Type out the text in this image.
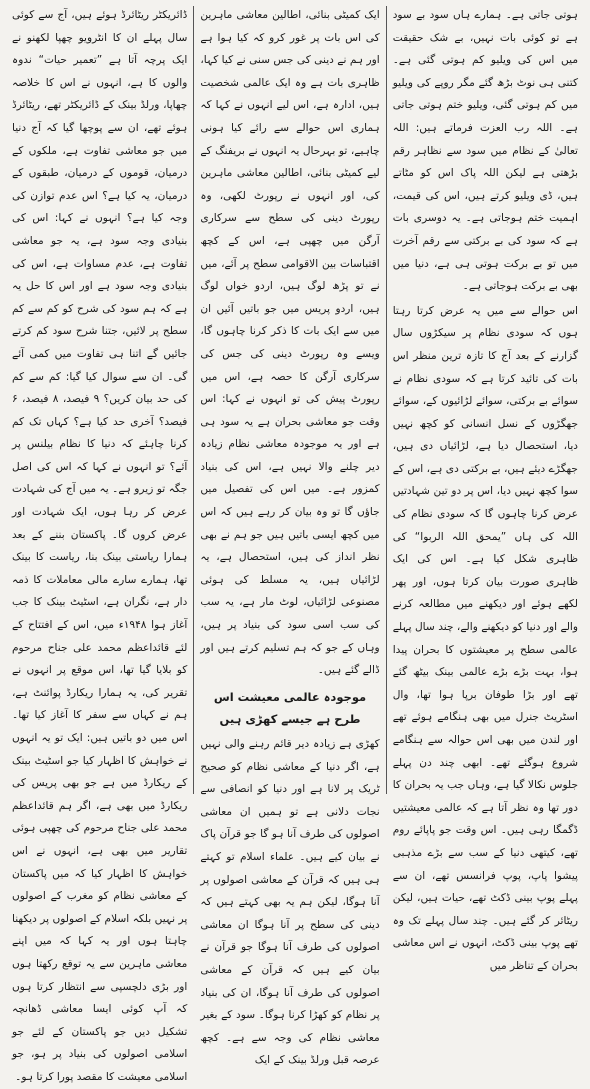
ہوتی جاتی ہے۔ ہمارے ہاں سود بے سود ہے تو کوئی بات نہیں، بے شک حقیقت میں اس کی ویلیو کم ہوتی گئی ہے۔ کتنی ہی نوٹ بڑھ گئے مگر روپے کی ویلیو میں کم ہوتی گئی، ویلیو ختم ہوتی جاتی ہے۔ اللہ رب العزت فرماتے ہیں: اللہ تعالیٰ کے نظام میں سود سے نظاہر رقم بڑھتی ہے لیکن اللہ پاک اس کو مٹاتے ہیں، ڈی ویلیو کرتے ہیں، اس کی قیمت، اہمیت ختم ہوجاتی ہے۔ یہ دوسری بات ہے کہ سود کی بے برکتی سے رقم آخرت میں تو بے برکت ہوتی ہی ہے، دنیا میں بھی بے برکت ہوجاتی ہے۔

اس حوالے سے میں یہ عرض کرتا رہتا ہوں کہ سودی نظام پر سیکڑوں سال گزارنے کے بعد آج کا تازہ ترین منظر اس بات کی تائید کرتا ہے کہ سودی نظام نے سوائے بے برکتی، سوائے لڑائیوں کے، سوائے جھگڑوں کے نسل انسانی کو کچھ نہیں دیا، استحصال دیا ہے، لڑائیاں دی ہیں، جھگڑے دیئے ہیں، بے برکتی دی ہے، اس کے سوا کچھ نہیں دیا، اس پر دو تین شہادتیں عرض کرنا چاہوں گا کہ سودی نظام کی اللہ کی ہاں ”یمحق اللہ الربوا“ کی ظاہری شکل کیا ہے۔ اس کی ایک ظاہری صورت بیان کرتا ہوں، اور پھر لکھے ہوئے اور دیکھنے میں مطالعہ کرنے والے اور دنیا کو دیکھنے والے، چند سال پہلے عالمی سطح پر معیشتوں کا بحران پیدا ہوا، بہت بڑے بڑے عالمی بینک بیٹھ گئے تھے اور بڑا طوفان برپا ہوا تھا، وال اسٹریٹ جنرل میں بھی ہنگامے ہوئے تھے اور لندن میں بھی اس حوالہ سے ہنگامے شروع ہوگئے تھے۔ ابھی چند دن پہلے جلوس نکالا گیا ہے، وہاں جب یہ بحران کا دور تھا وہ نظر آتا ہے کہ عالمی معیشتیں ڈگمگا رہی ہیں۔ اس وقت جو پاپائے روم تھے، کیتھی دنیا کے سب سے بڑے مذہبی پیشوا پاپ، پوپ فرانسس تھے، ان سے پہلے پوپ بینی ڈکٹ تھے، حیات ہیں، لیکن ریٹائر کر گئے ہیں۔ چند سال پہلے تک وہ تھے پوپ بینی ڈکٹ، انہوں نے اس معاشی بحران کے تناظر میں

ایک کمیٹی بنائی، اطالین معاشی ماہرین کی اس بات پر غور کرو کہ کیا ہوا ہے اور ہم نے دینی کی جس سنی نے کیا کہا، ظاہری بات ہے وہ ایک عالمی شخصیت ہیں، ادارہ ہے، اس لیے انہوں نے کہا کہ ہماری اس حوالے سے رائے کیا ہونی چاہیے، تو بہرحال یہ انہوں نے بریفنگ کے لیے کمیٹی بنائی، اطالین معاشی ماہرین کی، اور انہوں نے رپورٹ لکھی، وہ رپورٹ دینی کی سطح سے سرکاری آرگن میں چھپی ہے، اس کے کچھ اقتباسات بین الاقوامی سطح پر آئے، میں نے تو پڑھ لوگ ہیں، اردو خواں لوگ ہیں، اردو پریس میں جو باتیں آئیں ان میں سے ایک بات کا ذکر کرنا چاہوں گا، ویسے وہ رپورٹ دینی کی جس کی سرکاری آرگن کا حصہ ہے، اس میں رپورٹ پیش کی تو انہوں نے کہا: اس وقت جو معاشی بحران ہے یہ سود ہی ہے اور یہ موجودہ معاشی نظام زیادہ دیر چلنے والا نہیں ہے، اس کی بنیاد کمزور ہے۔ میں اس کی تفصیل میں جاؤں گا تو وہ بیان کر رہے ہیں کہ اس میں کچھ ایسی باتیں ہیں جو ہم نے بھی نظر انداز کی ہیں، استحصال ہے، یہ لڑائیاں ہیں، یہ مسلط کی ہوئی مصنوعی لڑائیاں، لوٹ مار ہے، یہ سب کی سب اسی سود کی بنیاد پر ہیں، وہاں کے جو کہ ہم تسلیم کرتے ہیں اور ڈالے گئے ہیں۔

موجودہ عالمی معیشت اس طرح ہے جیسے کھڑی ہیں

کھڑی ہے زیادہ دیر قائم رہنے والی نہیں ہے، اگر دنیا کے معاشی نظام کو صحیح ٹریک پر لانا ہے اور دنیا کو انصافی سے نجات دلانی ہے تو ہمیں ان معاشی اصولوں کی طرف آنا ہو گا جو قرآن پاک نے بیان کیے ہیں۔ علماء اسلام تو کہتے ہی ہیں کہ قرآن کے معاشی اصولوں پر آنا ہوگا، لیکن ہم یہ بھی کہتے ہیں کہ دینی کی سطح پر آنا ہوگا ان معاشی اصولوں کی طرف آنا ہوگا جو قرآن نے بیان کیے ہیں کہ قرآن کے معاشی اصولوں کی طرف آنا ہوگا، ان کی بنیاد پر نظام کو کھڑا کرنا ہوگا۔ سود کے بغیر معاشی نظام کی وجہ سے ہے۔ کچھ عرصہ قبل ورلڈ بینک کے ایک

ڈائریکٹر ریٹائرڈ ہوئے ہیں، آج سے کوئی سال پہلے ان کا انٹرویو چھپا لکھنو نے ایک پرچہ آتا ہے ”تعمیر حیات“ ندوہ والوں کا ہے، انہوں نے اس کا خلاصہ چھاپا، ورلڈ بینک کے ڈائریکٹر تھے، ریٹائرڈ ہوئے تھے، ان سے پوچھا گیا کہ آج دنیا میں جو معاشی تفاوت ہے، ملکوں کے درمیان، قوموں کے درمیان، طبقوں کے درمیان، یہ کیا ہے؟ اس عدم توازن کی وجہ کیا ہے؟ انہوں نے کہا: اس کی بنیادی وجہ سود ہے، یہ جو معاشی تفاوت ہے، عدم مساوات ہے، اس کی بنیادی وجہ سود ہے اور اس کا حل یہ ہے کہ ہم سود کی شرح کو کم سے کم سطح پر لائیں، جتنا شرح سود کم کرتے جائیں گے اتنا ہی تفاوت میں کمی آئے گی۔ ان سے سوال کیا گیا: کم سے کم کی حد بیان کریں؟ ۹ فیصد، ۸ فیصد، ۶ فیصد؟ آخری حد کیا ہے؟ کہاں تک کم کرنا چاہئے کہ دنیا کا نظام بیلنس پر آئے؟ تو انہوں نے کہا کہ اس کی اصل جگہ تو زیرو ہے۔ یہ میں آج کی شہادت عرض کر رہا ہوں، ایک شہادت اور عرض کروں گا۔ پاکستان بننے کے بعد ہمارا ریاستی بینک بنا، ریاست کا بینک تھا، ہمارے سارے مالی معاملات کا ذمہ دار ہے، نگران ہے، اسٹیٹ بینک کا جب آغاز ہوا ۱۹۴۸ء میں، اس کے افتتاح کے لئے قائداعظم محمد علی جناح مرحوم کو بلایا گیا تھا، اس موقع پر انہوں نے تقریر کی، یہ ہمارا ریکارڈ پوائنٹ ہے، ہم نے کہاں سے سفر کا آغاز کیا تھا۔ اس میں دو باتیں ہیں: ایک تو یہ انہوں نے خواہش کا اظہار کیا جو اسٹیٹ بینک کے ریکارڈ میں ہے جو بھی پریس کی ریکارڈ میں بھی ہے، اگر ہم قائداعظم محمد علی جناح مرحوم کی چھپی ہوئی تقاریر میں بھی ہے، انہوں نے اس خواہش کا اظہار کیا کہ میں پاکستان کے معاشی نظام کو مغرب کے اصولوں پر نہیں بلکہ اسلام کے اصولوں پر دیکھنا چاہتا ہوں اور یہ کہا کہ میں اپنے معاشی ماہرین سے یہ توقع رکھتا ہوں اور بڑی دلچسپی سے انتظار کرتا ہوں کہ آپ کوئی ایسا معاشی ڈھانچہ تشکیل دیں جو پاکستان کے لئے جو اسلامی اصولوں کی بنیاد پر ہو، جو اسلامی معیشت کا مقصد پورا کرتا ہو۔
